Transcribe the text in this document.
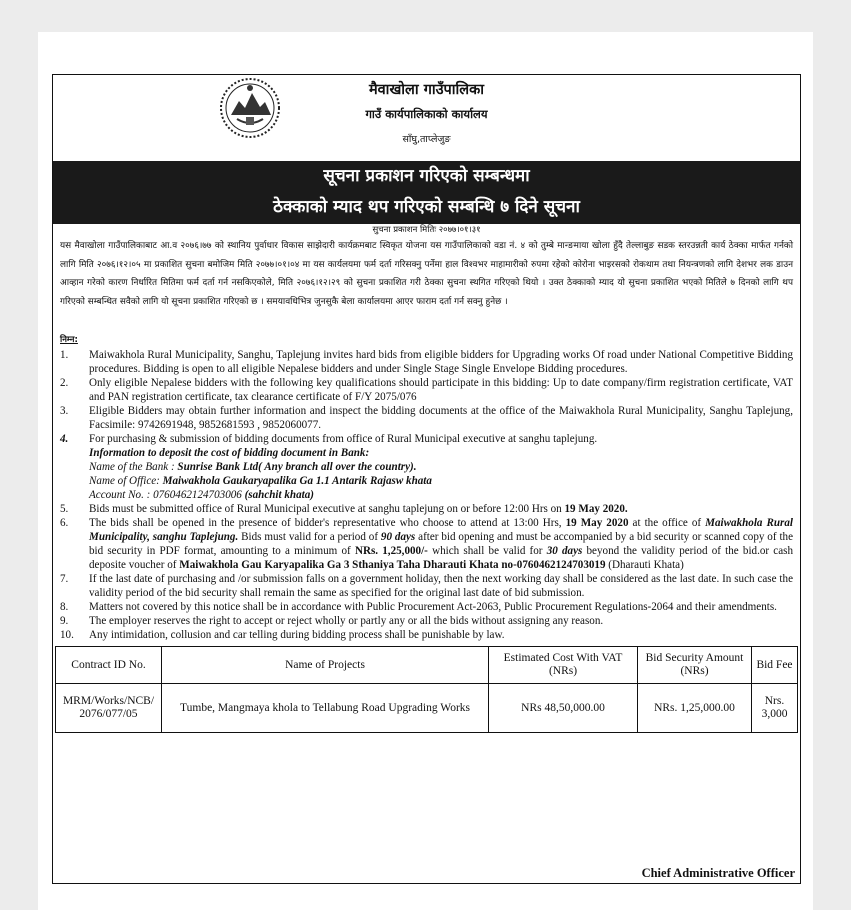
मैवाखोला गाउँपालिका
गाउँ कार्यपालिकाको कार्यालय
साँघु,ताप्लेजुङ
सूचना प्रकाशन गरिएको सम्बन्धमा
ठेक्काको म्याद थप गरिएको सम्बन्धि ७ दिने सूचना
सुचना प्रकाशन मितिः २०७७।०१।३१

यस मैवाखोला गाउँपालिकाबाट आ.व २०७६।७७ को स्थानिय पुर्वाधार विकास साझेदारी कार्यक्रमबाट स्विकृत योजना यस गाउँपालिकाको वडा नं. ४ को तुम्बे मान्ङमाया खोला हुँदै तेल्लाबुङ सडक स्तरउन्नती कार्य ठेक्का मार्फत गर्नको लागि मिति २०७६।१२।०५ मा प्रकाशित सुचना बमोजिम मिति २०७७।०१।०४ मा यस कार्यलयमा फर्म दर्ता गरिसक्नु पर्नेमा हाल विश्वभर माहामारीको रुपमा रहेको कोरोना भाइरसको रोकथाम तथा नियन्त्रणको लागि देशभर लक डाउन आव्हान गरेको कारण निर्धारित मितिमा फर्म दर्ता गर्न नसकिएकोले, मिति २०७६।१२।२९ को सुचना प्रकाशित गरी ठेक्का सुचना स्थगित गरिएको थियो । उक्त ठेक्काको म्याद यो सुचना प्रकाशित भएको मितिले ७ दिनको लागि थप गरिएको सम्बन्धित सवैको लागि यो सूचना प्रकाशित गरिएको छ । समयावधिभित्र जुनसुकै बेला कार्यालयमा आएर फाराम दर्ता गर्न सक्नु हुनेछ ।

निम्न:
1.	Maiwakhola Rural Municipality, Sanghu, Taplejung invites hard bids from eligible bidders for Upgrading works Of road under National Competitive Bidding procedures. Bidding is open to all eligible Nepalese bidders and under Single Stage Single Envelope Bidding procedures.
2.	Only eligible Nepalese bidders with the following key qualifications should participate in this bidding: Up to date company/firm registration certificate, VAT and PAN registration certificate, tax clearance certificate of F/Y 2075/076
3.	Eligible Bidders may obtain further information and inspect the bidding documents at the office of the Maiwakhola Rural Municipality, Sanghu Taplejung, Facsimile: 9742691948, 9852681593 , 9852060077.
4.	For purchasing & submission of bidding documents from office of Rural Municipal executive at sanghu taplejung.
Information to deposit the cost of bidding document in Bank:
Name of the Bank : Sunrise Bank Ltd( Any branch all over the country).
Name of Office: Maiwakhola Gaukaryapalika Ga 1.1 Antarik Rajasw khata
Account No. : 0760462124703006 (sahchit khata)
5.	Bids must be submitted office of Rural Municipal executive at sanghu taplejung on or before 12:00 Hrs on 19 May 2020.
6.	The bids shall be opened in the presence of bidder's representative who choose to attend at 13:00 Hrs, 19 May 2020 at the office of Maiwakhola Rural Municipality, sanghu Taplejung. Bids must valid for a period of 90 days after bid opening and must be accompanied by a bid security or scanned copy of the bid security in PDF format, amounting to a minimum of NRs. 1,25,000/- which shall be valid for 30 days beyond the validity period of the bid.or cash deposite voucher of Maiwakhola Gau Karyapalika Ga 3 Sthaniya Taha Dharauti Khata no-0760462124703019 (Dharauti Khata)
7.	If the last date of purchasing and /or submission falls on a government holiday, then the next working day shall be considered as the last date. In such case the validity period of the bid security shall remain the same as specified for the original last date of bid submission.
8.	Matters not covered by this notice shall be in accordance with Public Procurement Act-2063, Public Procurement Regulations-2064 and their amendments.
9.	The employer reserves the right to accept or reject wholly or partly any or all the bids without assigning any reason.
10.	Any intimidation, collusion and car telling during bidding process shall be punishable by law.
Contract ID No.	Name of Projects	Estimated Cost With VAT (NRs)	Bid Security Amount (NRs)	Bid Fee
MRM/Works/NCB/ 2076/077/05	Tumbe, Mangmaya khola to Tellabung Road Upgrading Works	NRs 48,50,000.00	NRs. 1,25,000.00	Nrs. 3,000
Chief Administrative Officer
